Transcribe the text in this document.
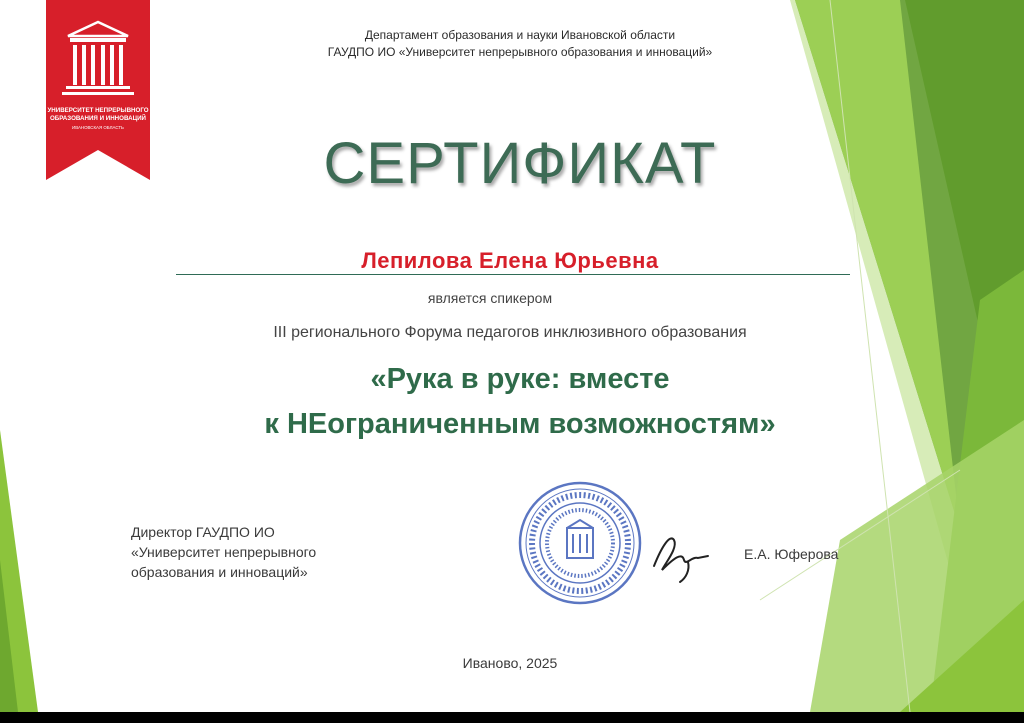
УНИВЕРСИТЕТ НЕПРЕРЫВНОГО
ОБРАЗОВАНИЯ И ИННОВАЦИЙ
ИВАНОВСКАЯ ОБЛАСТЬ
Департамент образования и науки Ивановской области
ГАУДПО ИО «Университет непрерывного образования и инноваций»
СЕРТИФИКАТ
Лепилова Елена Юрьевна
является спикером
III регионального Форума педагогов инклюзивного образования
«Рука в руке: вместе
к НЕограниченным возможностям»
Директор ГАУДПО ИО
«Университет непрерывного
образования и инноваций»
Е.А. Юферова
Иваново, 2025
